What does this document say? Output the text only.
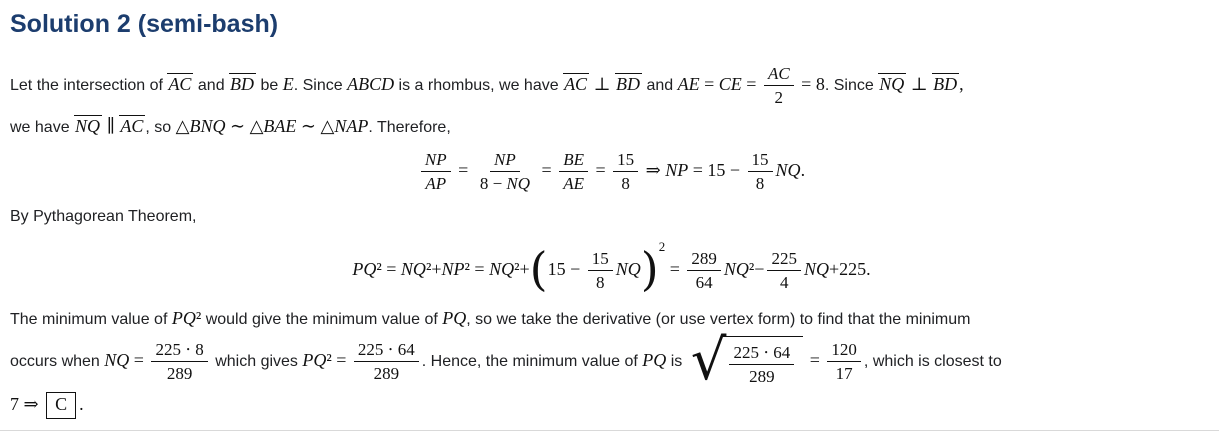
Solution 2 (semi-bash)
Let the intersection of AC and BD be E. Since ABCD is a rhombus, we have AC ⊥ BD and AE = CE = $\frac{AC}{2} = 8$. Since NQ ⊥ BD ,
we have NQ ∥ AC , so △BNQ ∼ △BAE ∼ △NAP. Therefore,
$\frac{NP}{AP} = \frac{NP}{8 - NQ} = \frac{BE}{AE} = \frac{15}{8}$ ⇒ NP = $15 - \frac{15}{8}$ NQ.
By Pythagorean Theorem,
$PQ^2 = NQ^2+NP^2 = NQ^2+(15 - \frac{15}{8} NQ)^2 = \frac{289}{64} NQ^2- \frac{225}{4} NQ+225$.
The minimum value of PQ² would give the minimum value of PQ, so we take the derivative (or use vertex form) to find that the minimum
occurs when NQ = $\frac{225 \cdot 8}{289}$ which gives $PQ^2 = \frac{225 \cdot 64}{289}$ . Hence, the minimum value of PQ is √ $\frac{225 \cdot 64}{289} = \frac{120}{17}$ , which is closest to
7 ⇒ C .
